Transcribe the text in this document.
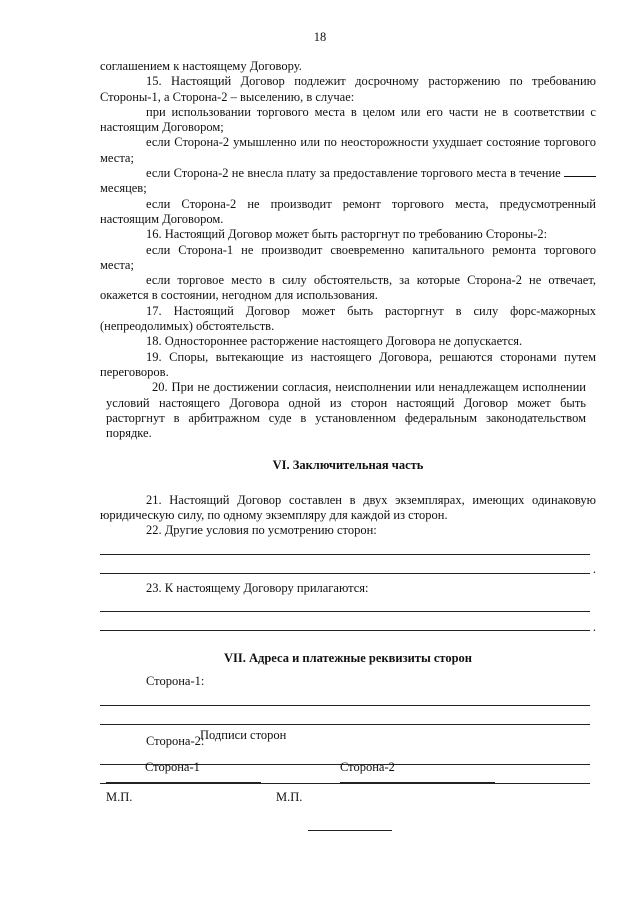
18

соглашением к настоящему Договору.

15. Настоящий Договор подлежит досрочному расторжению по требованию Стороны-1, а Сторона-2 – выселению, в случае:

при использовании торгового места в целом или его части не в соответствии с настоящим Договором;

если Сторона-2 умышленно или по неосторожности ухудшает состояние торгового места;

если Сторона-2 не внесла плату за предоставление торгового места в течение  месяцев;

если Сторона-2 не производит ремонт торгового места, предусмотренный настоящим Договором.

16. Настоящий Договор может быть расторгнут по требованию Стороны-2:

если Сторона-1 не производит своевременно капитального ремонта торгового места;

если торговое место в силу обстоятельств, за которые Сторона-2 не отвечает, окажется в состоянии, негодном для использования.

17. Настоящий Договор может быть расторгнут в силу форс-мажорных (непреодолимых) обстоятельств.

18. Одностороннее расторжение настоящего Договора не допускается.

19. Споры, вытекающие из настоящего Договора, решаются сторонами путем переговоров.

20. При не достижении согласия, неисполнении или ненадлежащем исполнении условий настоящего Договора одной из сторон настоящий Договор может быть расторгнут в арбитражном суде в установленном федеральным законодательством порядке.

VI. Заключительная часть

21. Настоящий Договор составлен в двух экземплярах, имеющих одинаковую юридическую силу, по одному экземпляру для каждой из сторон.

22. Другие условия по усмотрению сторон:

.

23. К настоящему Договору прилагаются:

.

VII. Адреса и платежные реквизиты сторон

Сторона-1:

Сторона-2:

Подписи сторон
Сторона-1	Сторона-2
М.П.	М.П.
